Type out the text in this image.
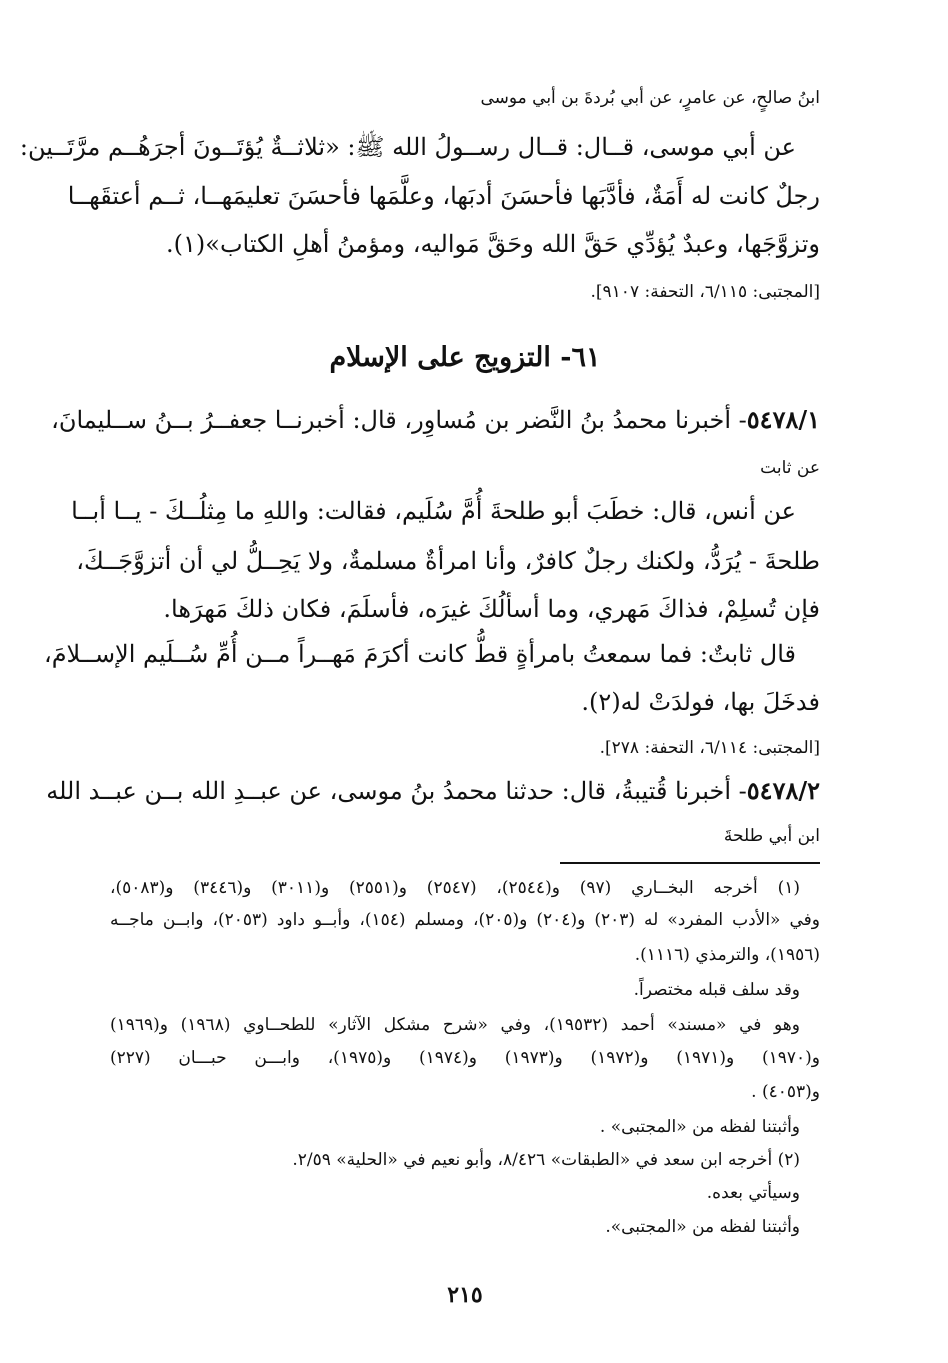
ابنُ صالحٍ، عن عامرٍ، عن أبي بُردةَ بن أبي موسى
عن أبي موسى، قــال: قــال رســولُ الله ﷺ: «ثلاثــةٌ يُؤتَــونَ أجرَهُــم مرَّتَــين:
رجلٌ كانت له أَمَةٌ، فأدَّبَها فأحسَنَ أدبَها، وعلَّمَها فأحسَنَ تعليمَهــا، ثــم أعتقَهــا
وتزوَّجَها، وعبدٌ يُؤدِّي حَقَّ الله وحَقَّ مَواليه، ومؤمنُ أهلِ الكتاب»(١).
[المجتبى: ٦/١١٥، التحفة: ٩١٠٧].
٦١- التزويج على الإسلام
٥٤٧٨/١- أخبرنا محمدُ بنُ النَّضر بن مُساوِر، قال: أخبرنــا جعفــرُ بــنُ ســليمانَ،
عن ثابت
عن أنس، قال: خطَبَ أبو طلحةَ أُمَّ سُلَيم، فقالت: واللهِ ما مِثلُــكَ - يــا أبــا
طلحةَ - يُرَدُّ، ولكنك رجلٌ كافرٌ، وأنا امرأةٌ مسلمةٌ، ولا يَحِــلُّ لي أن أتزوَّجَــكَ،
فإن تُسلِمْ، فذاكَ مَهري، وما أسألُكَ غيرَه، فأسلَمَ، فكان ذلكَ مَهرَها.
قال ثابتٌ: فما سمعتُ بامرأةٍ قطُّ كانت أكرَمَ مَهــراً مــن أُمِّ سُــلَيم الإســلامَ،
فدخَلَ بها، فولدَتْ له(٢).
[المجتبى: ٦/١١٤، التحفة: ٢٧٨].
٥٤٧٨/٢- أخبرنا قُتيبةُ، قال: حدثنا محمدُ بنُ موسى، عن عبــدِ الله بــن عبــد الله
ابن أبي طلحةَ
(١) أخرجه البخــاري (٩٧) و(٢٥٤٤)، (٢٥٤٧) و(٢٥٥١) و(٣٠١١) و(٣٤٤٦) و(٥٠٨٣)،
وفي «الأدب المفرد» له (٢٠٣) و(٢٠٤) و(٢٠٥)، ومسلم (١٥٤)، وأبــو داود (٢٠٥٣)، وابــن ماجــه
(١٩٥٦)، والترمذي (١١١٦).
وقد سلف قبله مختصراً.
وهو في «مسند» أحمد (١٩٥٣٢)، وفي «شرح مشكل الآثار» للطحــاوي (١٩٦٨) و(١٩٦٩)
و(١٩٧٠) و(١٩٧١) و(١٩٧٢) و(١٩٧٣) و(١٩٧٤) و(١٩٧٥)، وابـــن حبـــان (٢٢٧)
و(٤٠٥٣) .
وأثبتنا لفظه من «المجتبى» .
(٢) أخرجه ابن سعد في «الطبقات» ٨/٤٢٦، وأبو نعيم في «الحلية» ٢/٥٩.
وسيأتي بعده.
وأثبتنا لفظه من «المجتبى».
٢١٥
